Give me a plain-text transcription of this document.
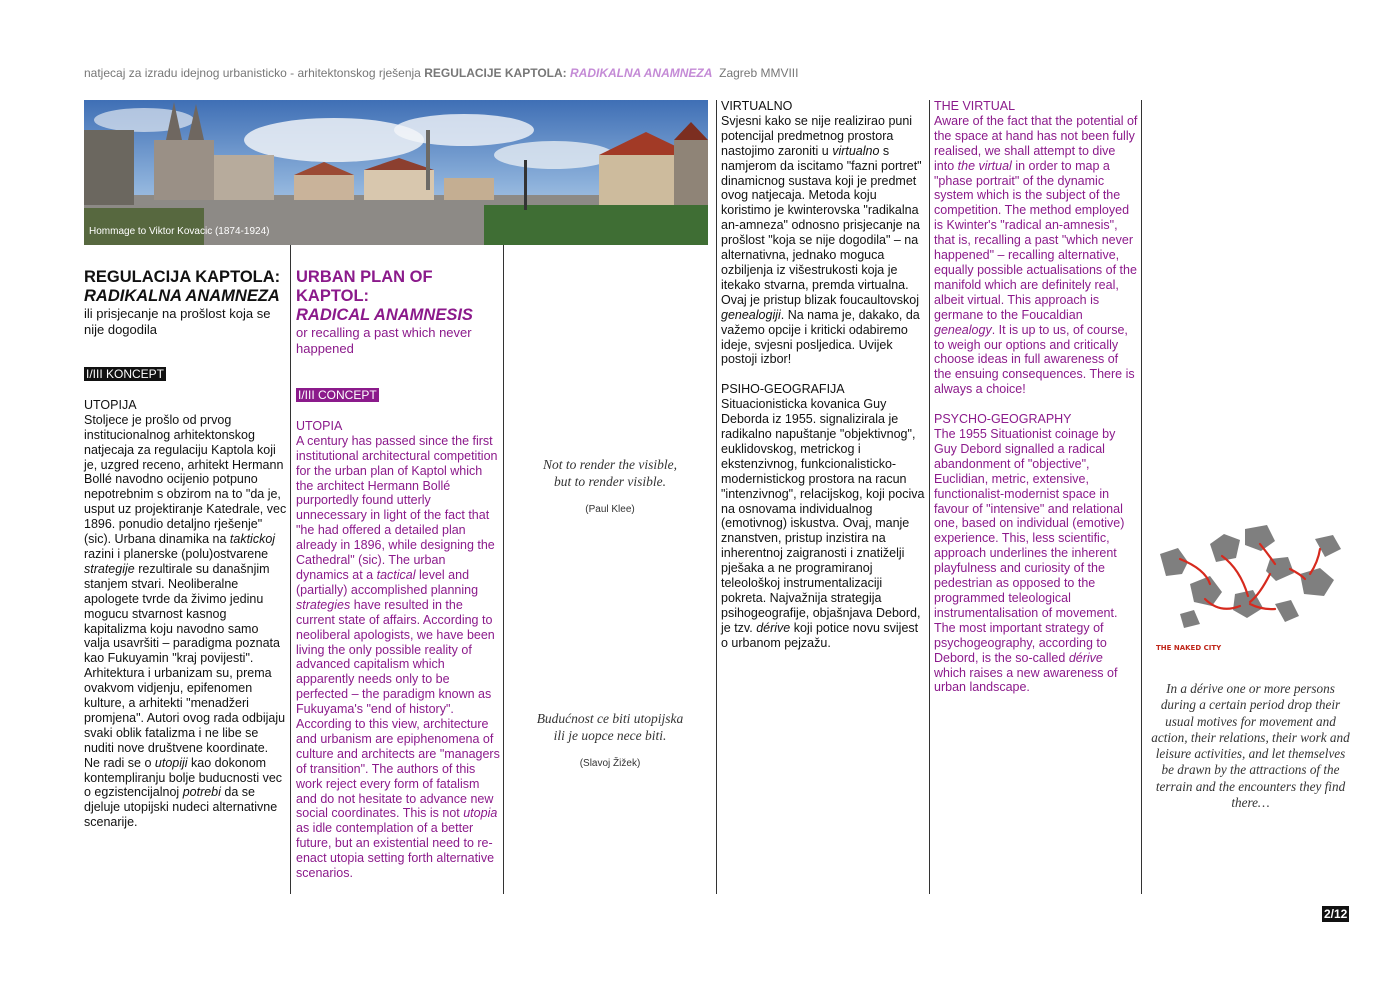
natjecaj za izradu idejnog urbanisticko - arhitektonskog rješenja REGULACIJE KAPTOLA: RADIKALNA ANAMNEZA Zagreb MMVIII
Hommage to Viktor Kovacic (1874-1924)
REGULACIJA KAPTOLA:
RADIKALNA ANAMNEZA
ili prisjecanje na prošlost koja se nije dogodila
I/III KONCEPT
UTOPIJA

Stoljece je prošlo od prvog institucionalnog arhitektonskog natjecaja za regulaciju Kaptola koji je, uzgred receno, arhitekt Hermann Bollé navodno ocijenio potpuno nepotrebnim s obzirom na to "da je, usput uz projektiranje Katedrale, vec 1896. ponudio detaljno rješenje" (sic). Urbana dinamika na taktickoj razini i planerske (polu)ostvarene strategije rezultirale su današnjim stanjem stvari. Neoliberalne apologete tvrde da živimo jedinu mogucu stvarnost kasnog kapitalizma koju navodno samo valja usavršiti – paradigma poznata kao Fukuyamin "kraj povijesti". Arhitektura i urbanizam su, prema ovakvom vidjenju, epifenomen kulture, a arhitekti "menadžeri promjena". Autori ovog rada odbijaju svaki oblik fatalizma i ne libe se nuditi nove društvene koordinate. Ne radi se o utopiji kao dokonom kontempliranju bolje buducnosti vec o egzistencijalnoj potrebi da se djeluje utopijski nudeci alternativne scenarije.

URBAN PLAN OF
KAPTOL:
RADICAL ANAMNESIS
or recalling a past which never happened
I/III CONCEPT
UTOPIA

A century has passed since the first institutional architectural competition for the urban plan of Kaptol which the architect Hermann Bollé purportedly found utterly unnecessary in light of the fact that "he had offered a detailed plan already in 1896, while designing the Cathedral" (sic). The urban dynamics at a tactical level and (partially) accomplished planning strategies have resulted in the current state of affairs. According to neoliberal apologists, we have been living the only possible reality of advanced capitalism which apparently needs only to be perfected – the paradigm known as Fukuyama's "end of history". According to this view, architecture and urbanism are epiphenomena of culture and architects are "managers of transition". The authors of this work reject every form of fatalism and do not hesitate to advance new social coordinates. This is not utopia as idle contemplation of a better future, but an existential need to re-enact utopia setting forth alternative scenarios.

Not to render the visible,
but to render visible.
(Paul Klee)
Budućnost ce biti utopijska
ili je uopce nece biti.
(Slavoj Žižek)
VIRTUALNO

Svjesni kako se nije realizirao puni potencijal predmetnog prostora nastojimo zaroniti u virtualno s namjerom da iscitamo "fazni portret" dinamicnog sustava koji je predmet ovog natjecaja. Metoda koju koristimo je kwinterovska "radikalna an-amneza" odnosno prisjecanje na prošlost "koja se nije dogodila" – na alternativna, jednako moguca ozbiljenja iz višestrukosti koja je itekako stvarna, premda virtualna. Ovaj je pristup blizak foucaultovskoj genealogiji. Na nama je, dakako, da važemo opcije i kriticki odabiremo ideje, svjesni posljedica. Uvijek postoji izbor!

PSIHO-GEOGRAFIJA

Situacionisticka kovanica Guy Deborda iz 1955. signalizirala je radikalno napuštanje "objektivnog", euklidovskog, metrickog i ekstenzivnog, funkcionalisticko-modernistickog prostora na racun "intenzivnog", relacijskog, koji pociva na osnovama individualnog (emotivnog) iskustva. Ovaj, manje znanstven, pristup inzistira na inherentnoj zaigranosti i znatiželji pješaka a ne programiranoj teleološkoj instrumentalizaciji pokreta. Najvažnija strategija psihogeografije, objašnjava Debord, je tzv. dérive koji potice novu svijest o urbanom pejzažu.

THE VIRTUAL

Aware of the fact that the potential of the space at hand has not been fully realised, we shall attempt to dive into the virtual in order to map a "phase portrait" of the dynamic system which is the subject of the competition. The method employed is Kwinter's "radical an-amnesis", that is, recalling a past "which never happened" – recalling alternative, equally possible actualisations of the manifold which are definitely real, albeit virtual. This approach is germane to the Foucaldian genealogy. It is up to us, of course, to weigh our options and critically choose ideas in full awareness of the ensuing consequences. There is always a choice!

PSYCHO-GEOGRAPHY

The 1955 Situationist coinage by Guy Debord signalled a radical abandonment of "objective", Euclidian, metric, extensive, functionalist-modernist space in favour of "intensive" and relational one, based on individual (emotive) experience. This, less scientific, approach underlines the inherent playfulness and curiosity of the pedestrian as opposed to the programmed teleological instrumentalisation of movement. The most important strategy of psychogeography, according to Debord, is the so-called dérive which raises a new awareness of urban landscape.

THE NAKED CITY
In a dérive one or more persons during a certain period drop their usual motives for movement and action, their relations, their work and leisure activities, and let themselves be drawn by the attractions of the terrain and the encounters they find there…
2/12
